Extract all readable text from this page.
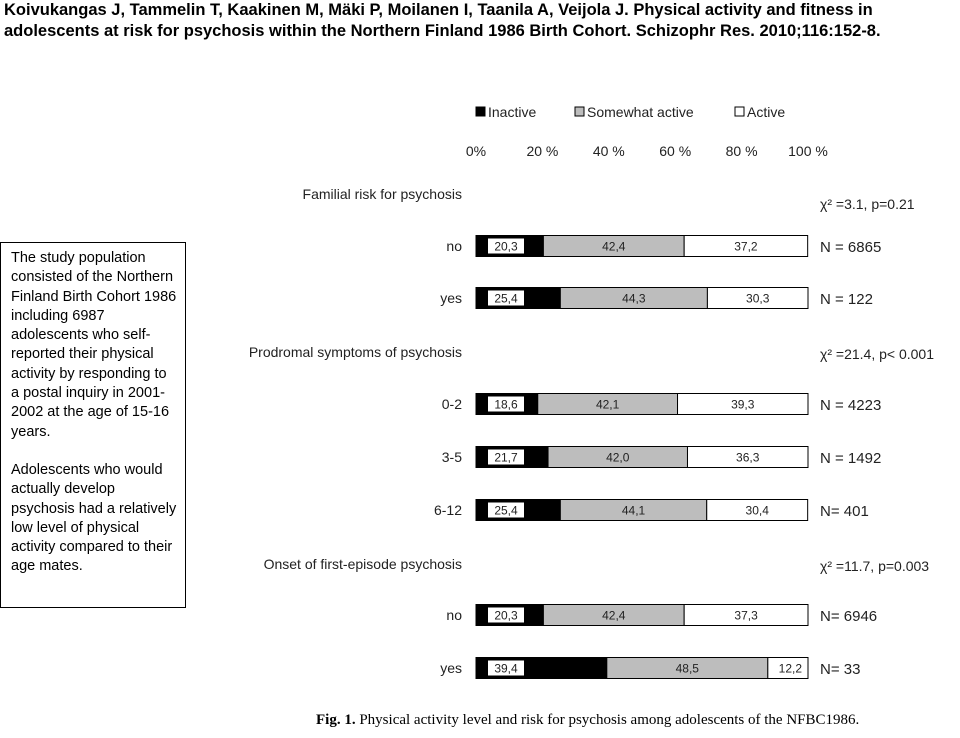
Koivukangas J, Tammelin T, Kaakinen M, Mäki P, Moilanen I, Taanila A, Veijola J. Physical activity and fitness in adolescents at risk for psychosis within the Northern Finland 1986 Birth Cohort. Schizophr Res. 2010;116:152-8.

The study population consisted of the Northern Finland Birth Cohort 1986 including 6987 adolescents who self-reported their physical activity by responding to a postal inquiry in 2001-2002 at the age of 15-16 years.

Adolescents who would actually develop psychosis had a relatively low level of physical activity compared to their age mates.

Inactive	Somewhat active	Active
0%	20 % 40 % 60 % 80 % 100 %
Familial risk for psychosis
χ² =3.1, p=0.21
no	20,3	42,4	37,2	N = 6865
yes	25,4	44,3	30,3	N = 122
Prodromal symptoms of psychosis	χ² =21.4, p< 0.001
0-2	18,6	42,1	39,3	N = 4223
3-5	21,7	42,0	36,3	N = 1492
6-12	25,4	44,1	30,4	N= 401
Onset of first-episode psychosis	χ² =11.7, p=0.003
no	20,3	42,4	37,3	N= 6946
yes	39,4	48,5	12,2 N= 33
Fig. 1. Physical activity level and risk for psychosis among adolescents of the NFBC1986.
